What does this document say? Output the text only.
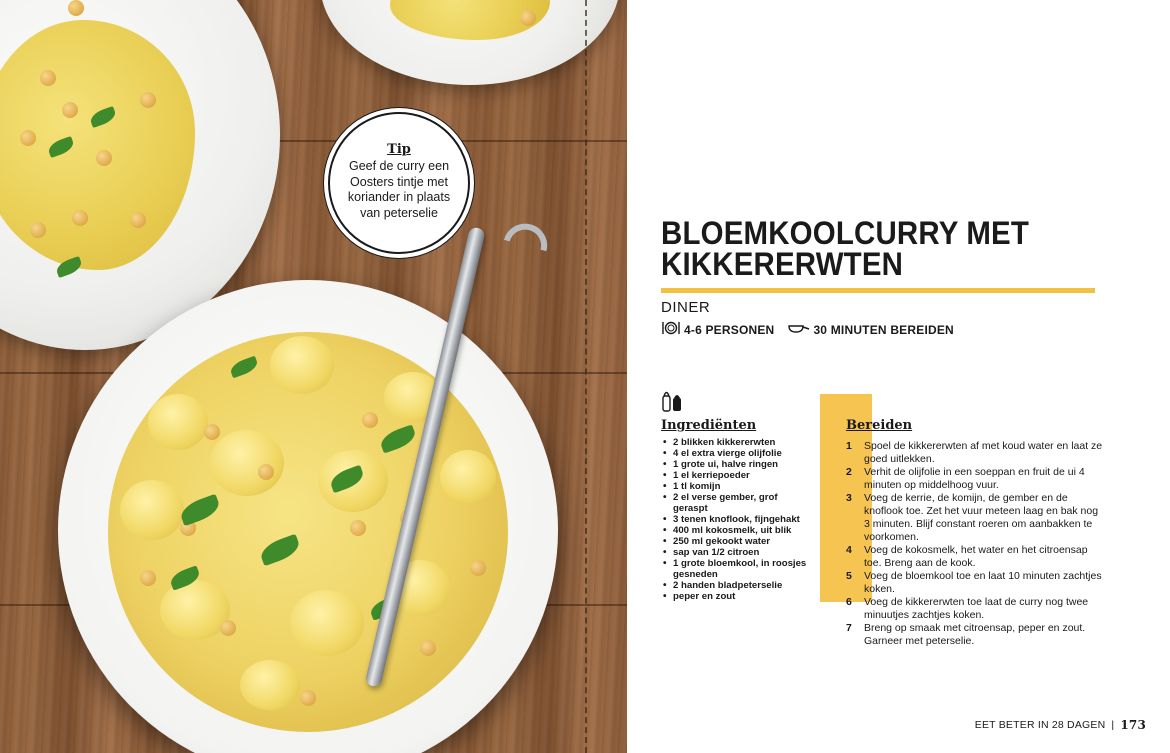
Tip
Geef de curry een Oosters tintje met koriander in plaats van peterselie
BLOEMKOOLCURRY MET KIKKERERWTEN
DINER
4-6 PERSONEN	30 MINUTEN BEREIDEN
Ingrediënten
• 2 blikken kikkererwten
• 4 el extra vierge olijfolie
• 1 grote ui, halve ringen
• 1 el kerriepoeder
• 1 tl komijn
• 2 el verse gember, grof geraspt
• 3 tenen knoflook, fijngehakt
• 400 ml kokosmelk, uit blik
• 250 ml gekookt water
• sap van 1/2 citroen
• 1 grote bloemkool, in roosjes gesneden
• 2 handen bladpeterselie
• peper en zout
Bereiden
1 Spoel de kikkererwten af met koud water en laat ze goed uitlekken.
2 Verhit de olijfolie in een soeppan en fruit de ui 4 minuten op middelhoog vuur.
3 Voeg de kerrie, de komijn, de gember en de knoflook toe. Zet het vuur meteen laag en bak nog 3 minuten. Blijf constant roeren om aanbakken te voorkomen.
4 Voeg de kokosmelk, het water en het citroensap toe. Breng aan de kook.
5 Voeg de bloemkool toe en laat 10 minuten zachtjes koken.
6 Voeg de kikkererwten toe laat de curry nog twee minuutjes zachtjes koken.
7 Breng op smaak met citroensap, peper en zout. Garneer met peterselie.
EET BETER IN 28 DAGEN | 173
